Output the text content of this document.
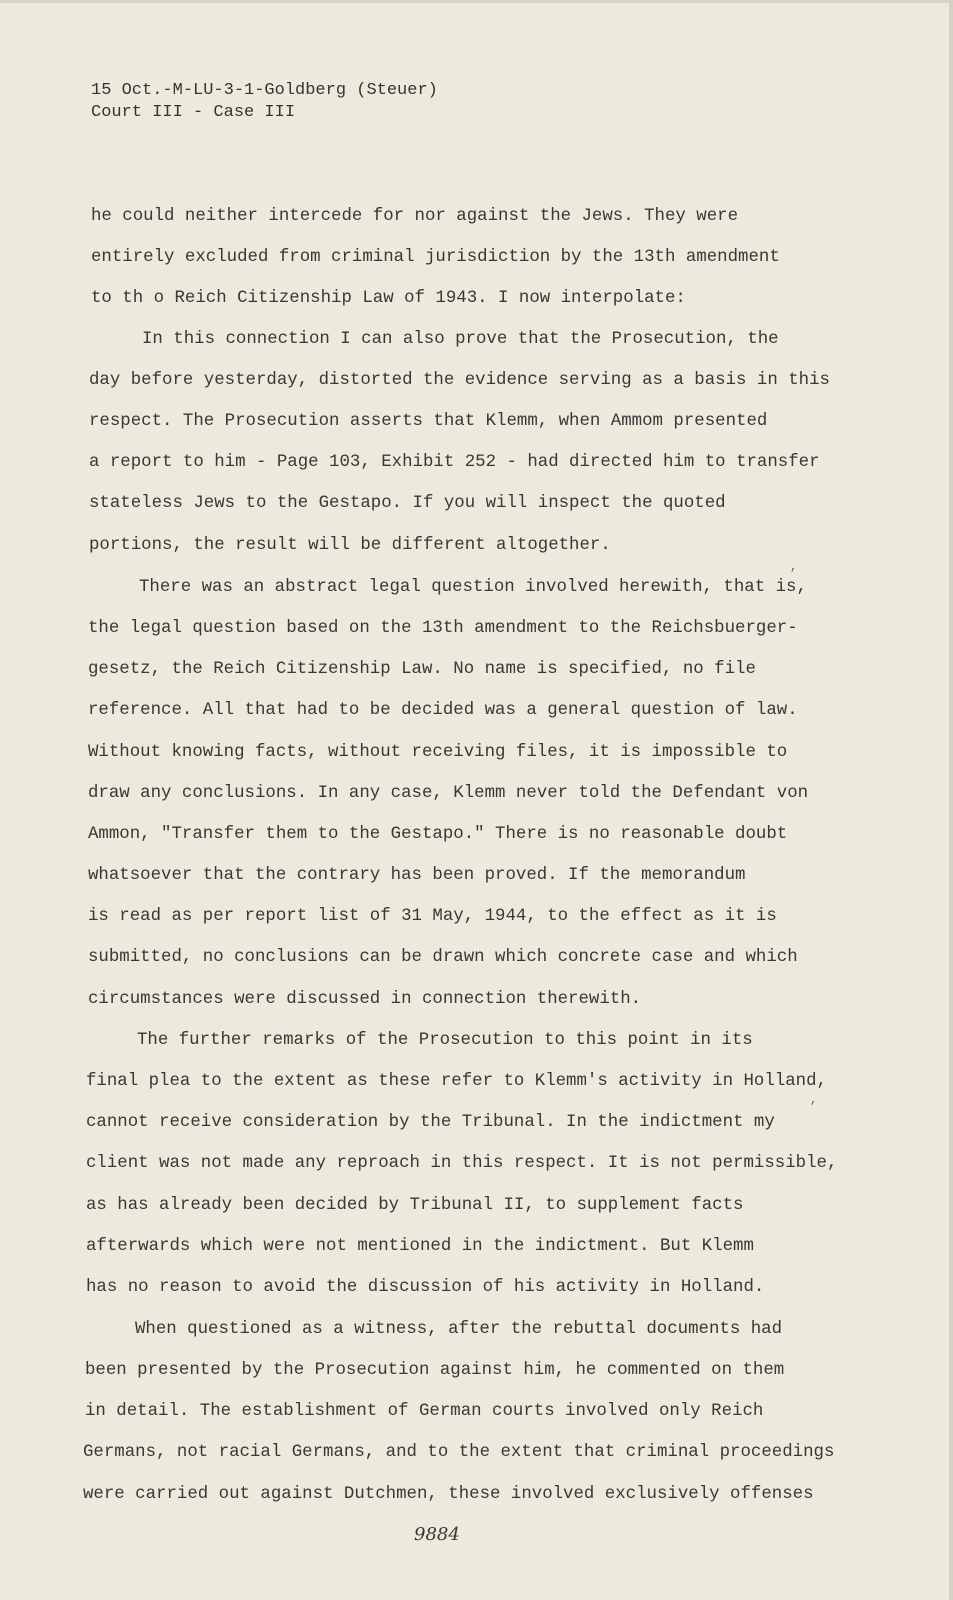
15 Oct.-M-LU-3-1-Goldberg (Steuer)
Court III - Case III
he could neither intercede for nor against the Jews. They were
entirely excluded from criminal jurisdiction by the 13th amendment
to th o Reich Citizenship Law of 1943. I now interpolate:
In this connection I can also prove that the Prosecution, the
day before yesterday, distorted the evidence serving as a basis in this
respect. The Prosecution asserts that Klemm, when Ammom presented
a report to him - Page 103, Exhibit 252 - had directed him to transfer
stateless Jews to the Gestapo. If you will inspect the quoted
portions, the result will be different altogether.
There was an abstract legal question involved herewith, that is,
the legal question based on the 13th amendment to the Reichsbuerger-
gesetz, the Reich Citizenship Law. No name is specified, no file
reference. All that had to be decided was a general question of law.
Without knowing facts, without receiving files, it is impossible to
draw any conclusions. In any case, Klemm never told the Defendant von
Ammon, "Transfer them to the Gestapo." There is no reasonable doubt
whatsoever that the contrary has been proved. If the memorandum
is read as per report list of 31 May, 1944, to the effect as it is
submitted, no conclusions can be drawn which concrete case and which
circumstances were discussed in connection therewith.
The further remarks of the Prosecution to this point in its
final plea to the extent as these refer to Klemm's activity in Holland,
cannot receive consideration by the Tribunal. In the indictment my
client was not made any reproach in this respect. It is not permissible,
as has already been decided by Tribunal II, to supplement facts
afterwards which were not mentioned in the indictment. But Klemm
has no reason to avoid the discussion of his activity in Holland.
When questioned as a witness, after the rebuttal documents had
been presented by the Prosecution against him, he commented on them
in detail. The establishment of German courts involved only Reich
Germans, not racial Germans, and to the extent that criminal proceedings
were carried out against Dutchmen, these involved exclusively offenses
,
,
9884
